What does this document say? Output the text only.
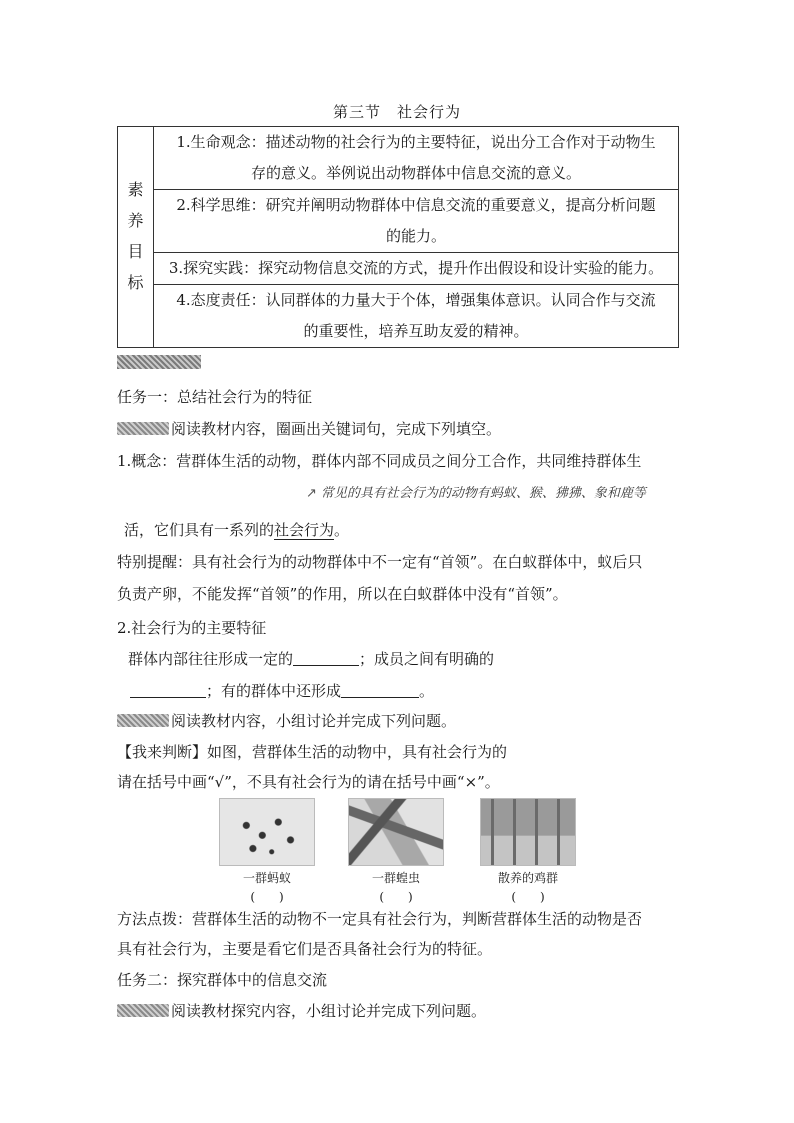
第三节 社会行为
素
养
目
标

1.生命观念：描述动物的社会行为的主要特征，说出分工合作对于动物生
存的意义。举例说出动物群体中信息交流的意义。

2.科学思维：研究并阐明动物群体中信息交流的重要意义，提高分析问题
的能力。

3.探究实践：探究动物信息交流的方式，提升作出假设和设计实验的能力。

4.态度责任：认同群体的力量大于个体，增强集体意识。认同合作与交流
的重要性，培养互助友爱的精神。
任务一：总结社会行为的特征
阅读教材内容，圈画出关键词句，完成下列填空。
1.概念：营群体生活的动物，群体内部不同成员之间分工合作，共同维持群体生
↗ 常见的具有社会行为的动物有蚂蚁、猴、狒狒、象和鹿等
活，它们具有一系列的社会行为。
特别提醒：具有社会行为的动物群体中不一定有“首领”。在白蚁群体中，蚁后只
负责产卵，不能发挥“首领”的作用，所以在白蚁群体中没有“首领”。
2.社会行为的主要特征
群体内部往往形成一定的	；成员之间有明确的
；有的群体中还形成	。
阅读教材内容，小组讨论并完成下列问题。
【我来判断】如图，营群体生活的动物中，具有社会行为的
请在括号中画“√”，不具有社会行为的请在括号中画“×”。
一群蚂蚁
(　　)
一群蝗虫
(　　)
散养的鸡群
(　　)
方法点拨：营群体生活的动物不一定具有社会行为，判断营群体生活的动物是否
具有社会行为，主要是看它们是否具备社会行为的特征。
任务二：探究群体中的信息交流
阅读教材探究内容，小组讨论并完成下列问题。
